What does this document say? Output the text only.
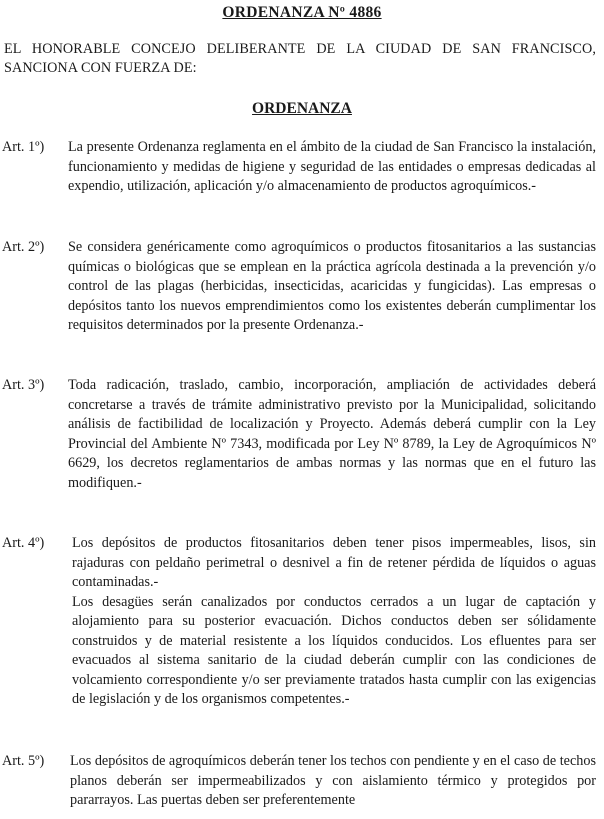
ORDENANZA Nº 4886
EL HONORABLE CONCEJO DELIBERANTE DE LA CIUDAD DE SAN FRANCISCO, SANCIONA CON FUERZA DE:
ORDENANZA
Art. 1º) La presente Ordenanza reglamenta en el ámbito de la ciudad de San Francisco la instalación, funcionamiento y medidas de higiene y seguridad de las entidades o empresas dedicadas al expendio, utilización, aplicación y/o almacenamiento de productos agroquímicos.-

Art. 2º) Se considera genéricamente como agroquímicos o productos fitosanitarios a las sustancias químicas o biológicas que se emplean en la práctica agrícola destinada a la prevención y/o control de las plagas (herbicidas, insecticidas, acaricidas y fungicidas). Las empresas o depósitos tanto los nuevos emprendimientos como los existentes deberán cumplimentar los requisitos determinados por la presente Ordenanza.-

Art. 3º) Toda radicación, traslado, cambio, incorporación, ampliación de actividades deberá concretarse a través de trámite administrativo previsto por la Municipalidad, solicitando análisis de factibilidad de localización y Proyecto. Además deberá cumplir con la Ley Provincial del Ambiente Nº 7343, modificada por Ley Nº 8789, la Ley de Agroquímicos Nº 6629, los decretos reglamentarios de ambas normas y las normas que en el futuro las modifiquen.-

Art. 4º) Los depósitos de productos fitosanitarios deben tener pisos impermeables, lisos, sin rajaduras con peldaño perimetral o desnivel a fin de retener pérdida de líquidos o aguas contaminadas.-

Los desagües serán canalizados por conductos cerrados a un lugar de captación y alojamiento para su posterior evacuación. Dichos conductos deben ser sólidamente construidos y de material resistente a los líquidos conducidos. Los efluentes para ser evacuados al sistema sanitario de la ciudad deberán cumplir con las condiciones de volcamiento correspondiente y/o ser previamente tratados hasta cumplir con las exigencias de legislación y de los organismos competentes.-

Art. 5º) Los depósitos de agroquímicos deberán tener los techos con pendiente y en el caso de techos planos deberán ser impermeabilizados y con aislamiento térmico y protegidos por pararrayos. Las puertas deben ser preferentemente
